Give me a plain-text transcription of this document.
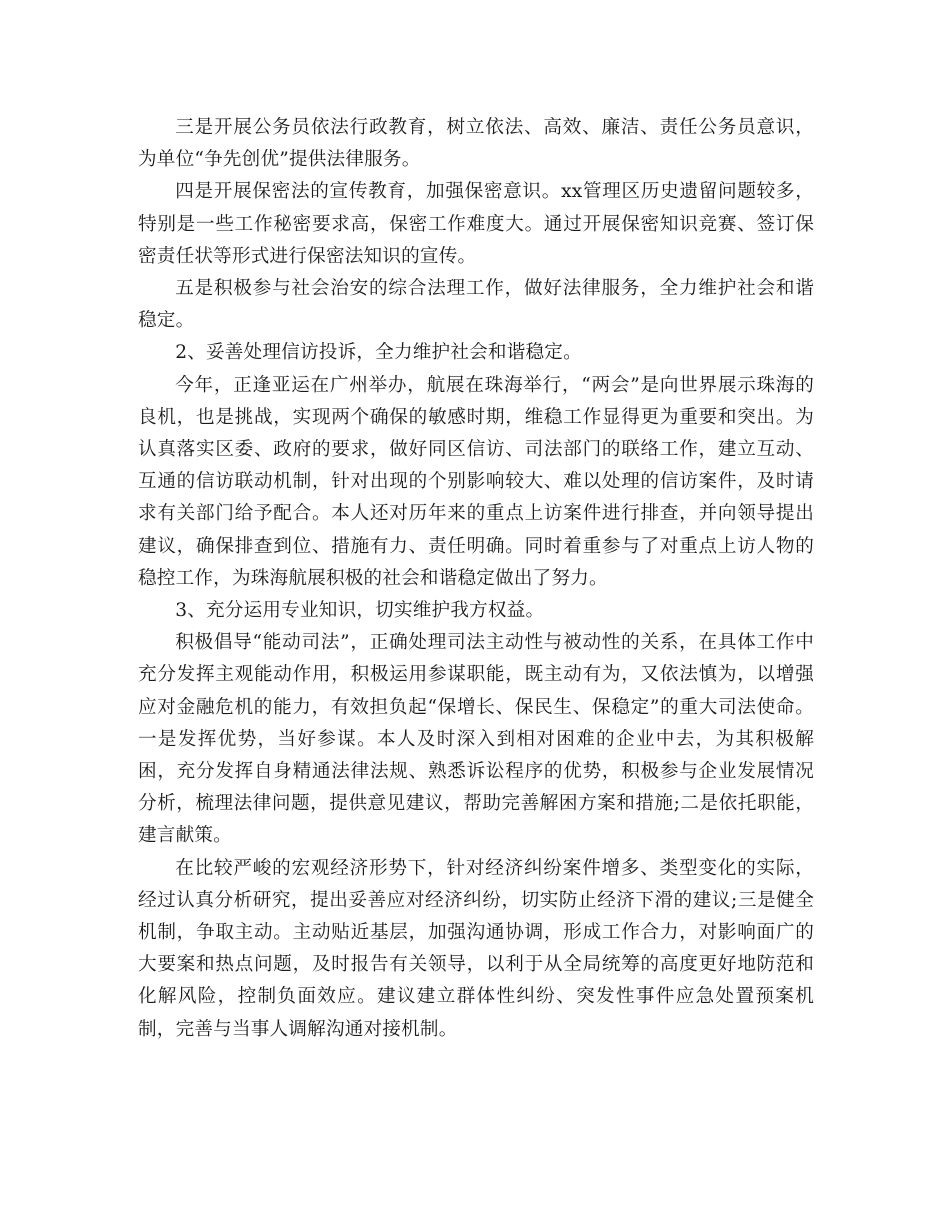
三是开展公务员依法行政教育，树立依法、高效、廉洁、责任公务员意识，为单位“争先创优”提供法律服务。

四是开展保密法的宣传教育，加强保密意识。xx管理区历史遗留问题较多，特别是一些工作秘密要求高，保密工作难度大。通过开展保密知识竞赛、签订保密责任状等形式进行保密法知识的宣传。

五是积极参与社会治安的综合法理工作，做好法律服务，全力维护社会和谐稳定。

2、妥善处理信访投诉，全力维护社会和谐稳定。

今年，正逢亚运在广州举办，航展在珠海举行，“两会”是向世界展示珠海的良机，也是挑战，实现两个确保的敏感时期，维稳工作显得更为重要和突出。为认真落实区委、政府的要求，做好同区信访、司法部门的联络工作，建立互动、互通的信访联动机制，针对出现的个别影响较大、难以处理的信访案件，及时请求有关部门给予配合。本人还对历年来的重点上访案件进行排查，并向领导提出建议，确保排查到位、措施有力、责任明确。同时着重参与了对重点上访人物的稳控工作，为珠海航展积极的社会和谐稳定做出了努力。

3、充分运用专业知识，切实维护我方权益。

积极倡导“能动司法”，正确处理司法主动性与被动性的关系，在具体工作中充分发挥主观能动作用，积极运用参谋职能，既主动有为，又依法慎为，以增强应对金融危机的能力，有效担负起“保增长、保民生、保稳定”的重大司法使命。一是发挥优势，当好参谋。本人及时深入到相对困难的企业中去，为其积极解困，充分发挥自身精通法律法规、熟悉诉讼程序的优势，积极参与企业发展情况分析，梳理法律问题，提供意见建议，帮助完善解困方案和措施;二是依托职能，建言献策。

在比较严峻的宏观经济形势下，针对经济纠纷案件增多、类型变化的实际，经过认真分析研究，提出妥善应对经济纠纷，切实防止经济下滑的建议;三是健全机制，争取主动。主动贴近基层，加强沟通协调，形成工作合力，对影响面广的大要案和热点问题，及时报告有关领导，以利于从全局统筹的高度更好地防范和化解风险，控制负面效应。建议建立群体性纠纷、突发性事件应急处置预案机制，完善与当事人调解沟通对接机制。
